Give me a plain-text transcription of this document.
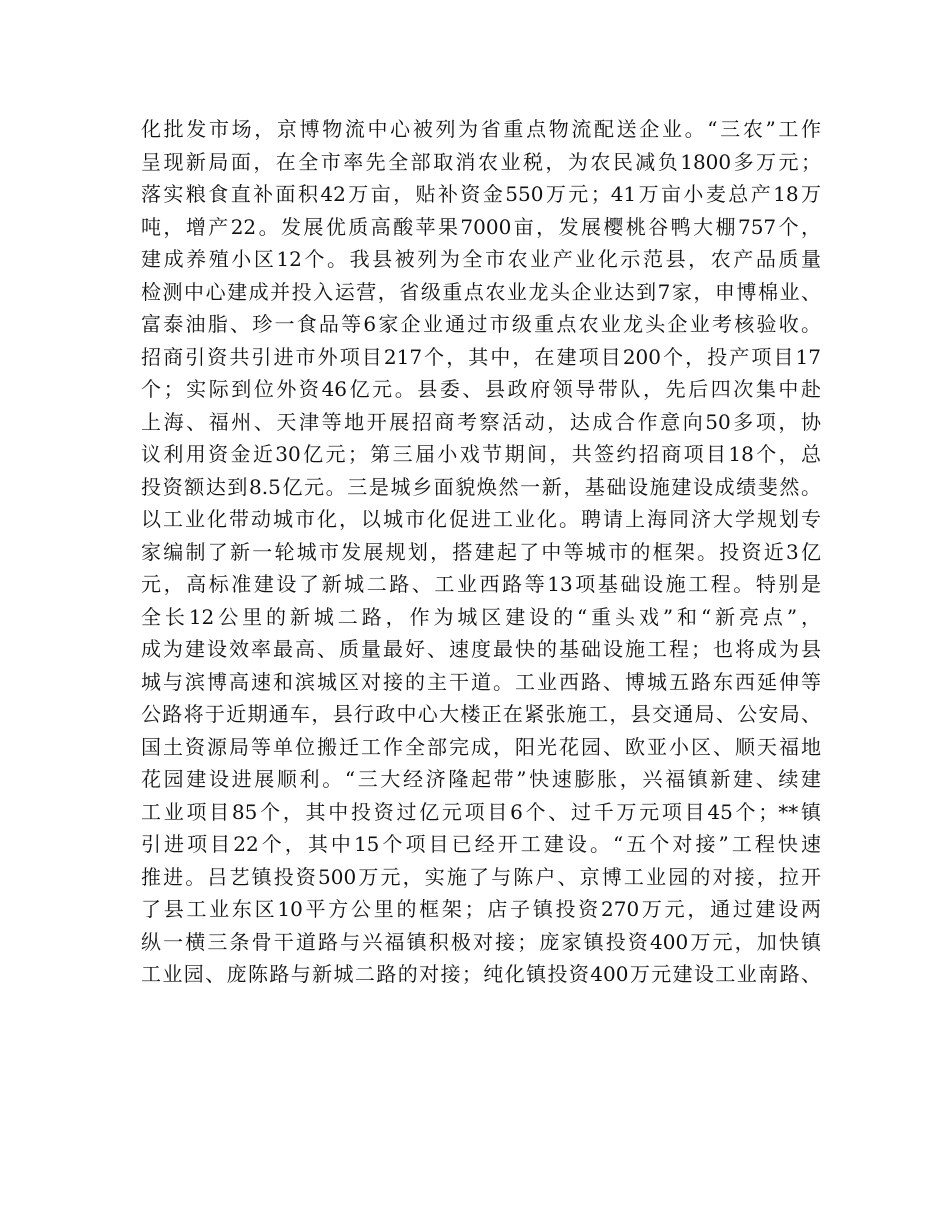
化批发市场，京博物流中心被列为省重点物流配送企业。“三农”工作
呈现新局面，在全市率先全部取消农业税，为农民减负1800多万元；
落实粮食直补面积42万亩，贴补资金550万元；41万亩小麦总产18万
吨，增产22。发展优质高酸苹果7000亩，发展樱桃谷鸭大棚757个，
建成养殖小区12个。我县被列为全市农业产业化示范县，农产品质量
检测中心建成并投入运营，省级重点农业龙头企业达到7家，申博棉业、
富泰油脂、珍一食品等6家企业通过市级重点农业龙头企业考核验收。
招商引资共引进市外项目217个，其中，在建项目200个，投产项目17
个；实际到位外资46亿元。县委、县政府领导带队，先后四次集中赴
上海、福州、天津等地开展招商考察活动，达成合作意向50多项，协
议利用资金近30亿元；第三届小戏节期间，共签约招商项目18个，总
投资额达到8.5亿元。三是城乡面貌焕然一新，基础设施建设成绩斐然。
以工业化带动城市化，以城市化促进工业化。聘请上海同济大学规划专
家编制了新一轮城市发展规划，搭建起了中等城市的框架。投资近3亿
元，高标准建设了新城二路、工业西路等13项基础设施工程。特别是
全长12公里的新城二路，作为城区建设的“重头戏”和“新亮点”，
成为建设效率最高、质量最好、速度最快的基础设施工程；也将成为县
城与滨博高速和滨城区对接的主干道。工业西路、博城五路东西延伸等
公路将于近期通车，县行政中心大楼正在紧张施工，县交通局、公安局、
国土资源局等单位搬迁工作全部完成，阳光花园、欧亚小区、顺天福地
花园建设进展顺利。“三大经济隆起带”快速膨胀，兴福镇新建、续建
工业项目85个，其中投资过亿元项目6个、过千万元项目45个；**镇
引进项目22个，其中15个项目已经开工建设。“五个对接”工程快速
推进。吕艺镇投资500万元，实施了与陈户、京博工业园的对接，拉开
了县工业东区10平方公里的框架；店子镇投资270万元，通过建设两
纵一横三条骨干道路与兴福镇积极对接；庞家镇投资400万元，加快镇
工业园、庞陈路与新城二路的对接；纯化镇投资400万元建设工业南路、
